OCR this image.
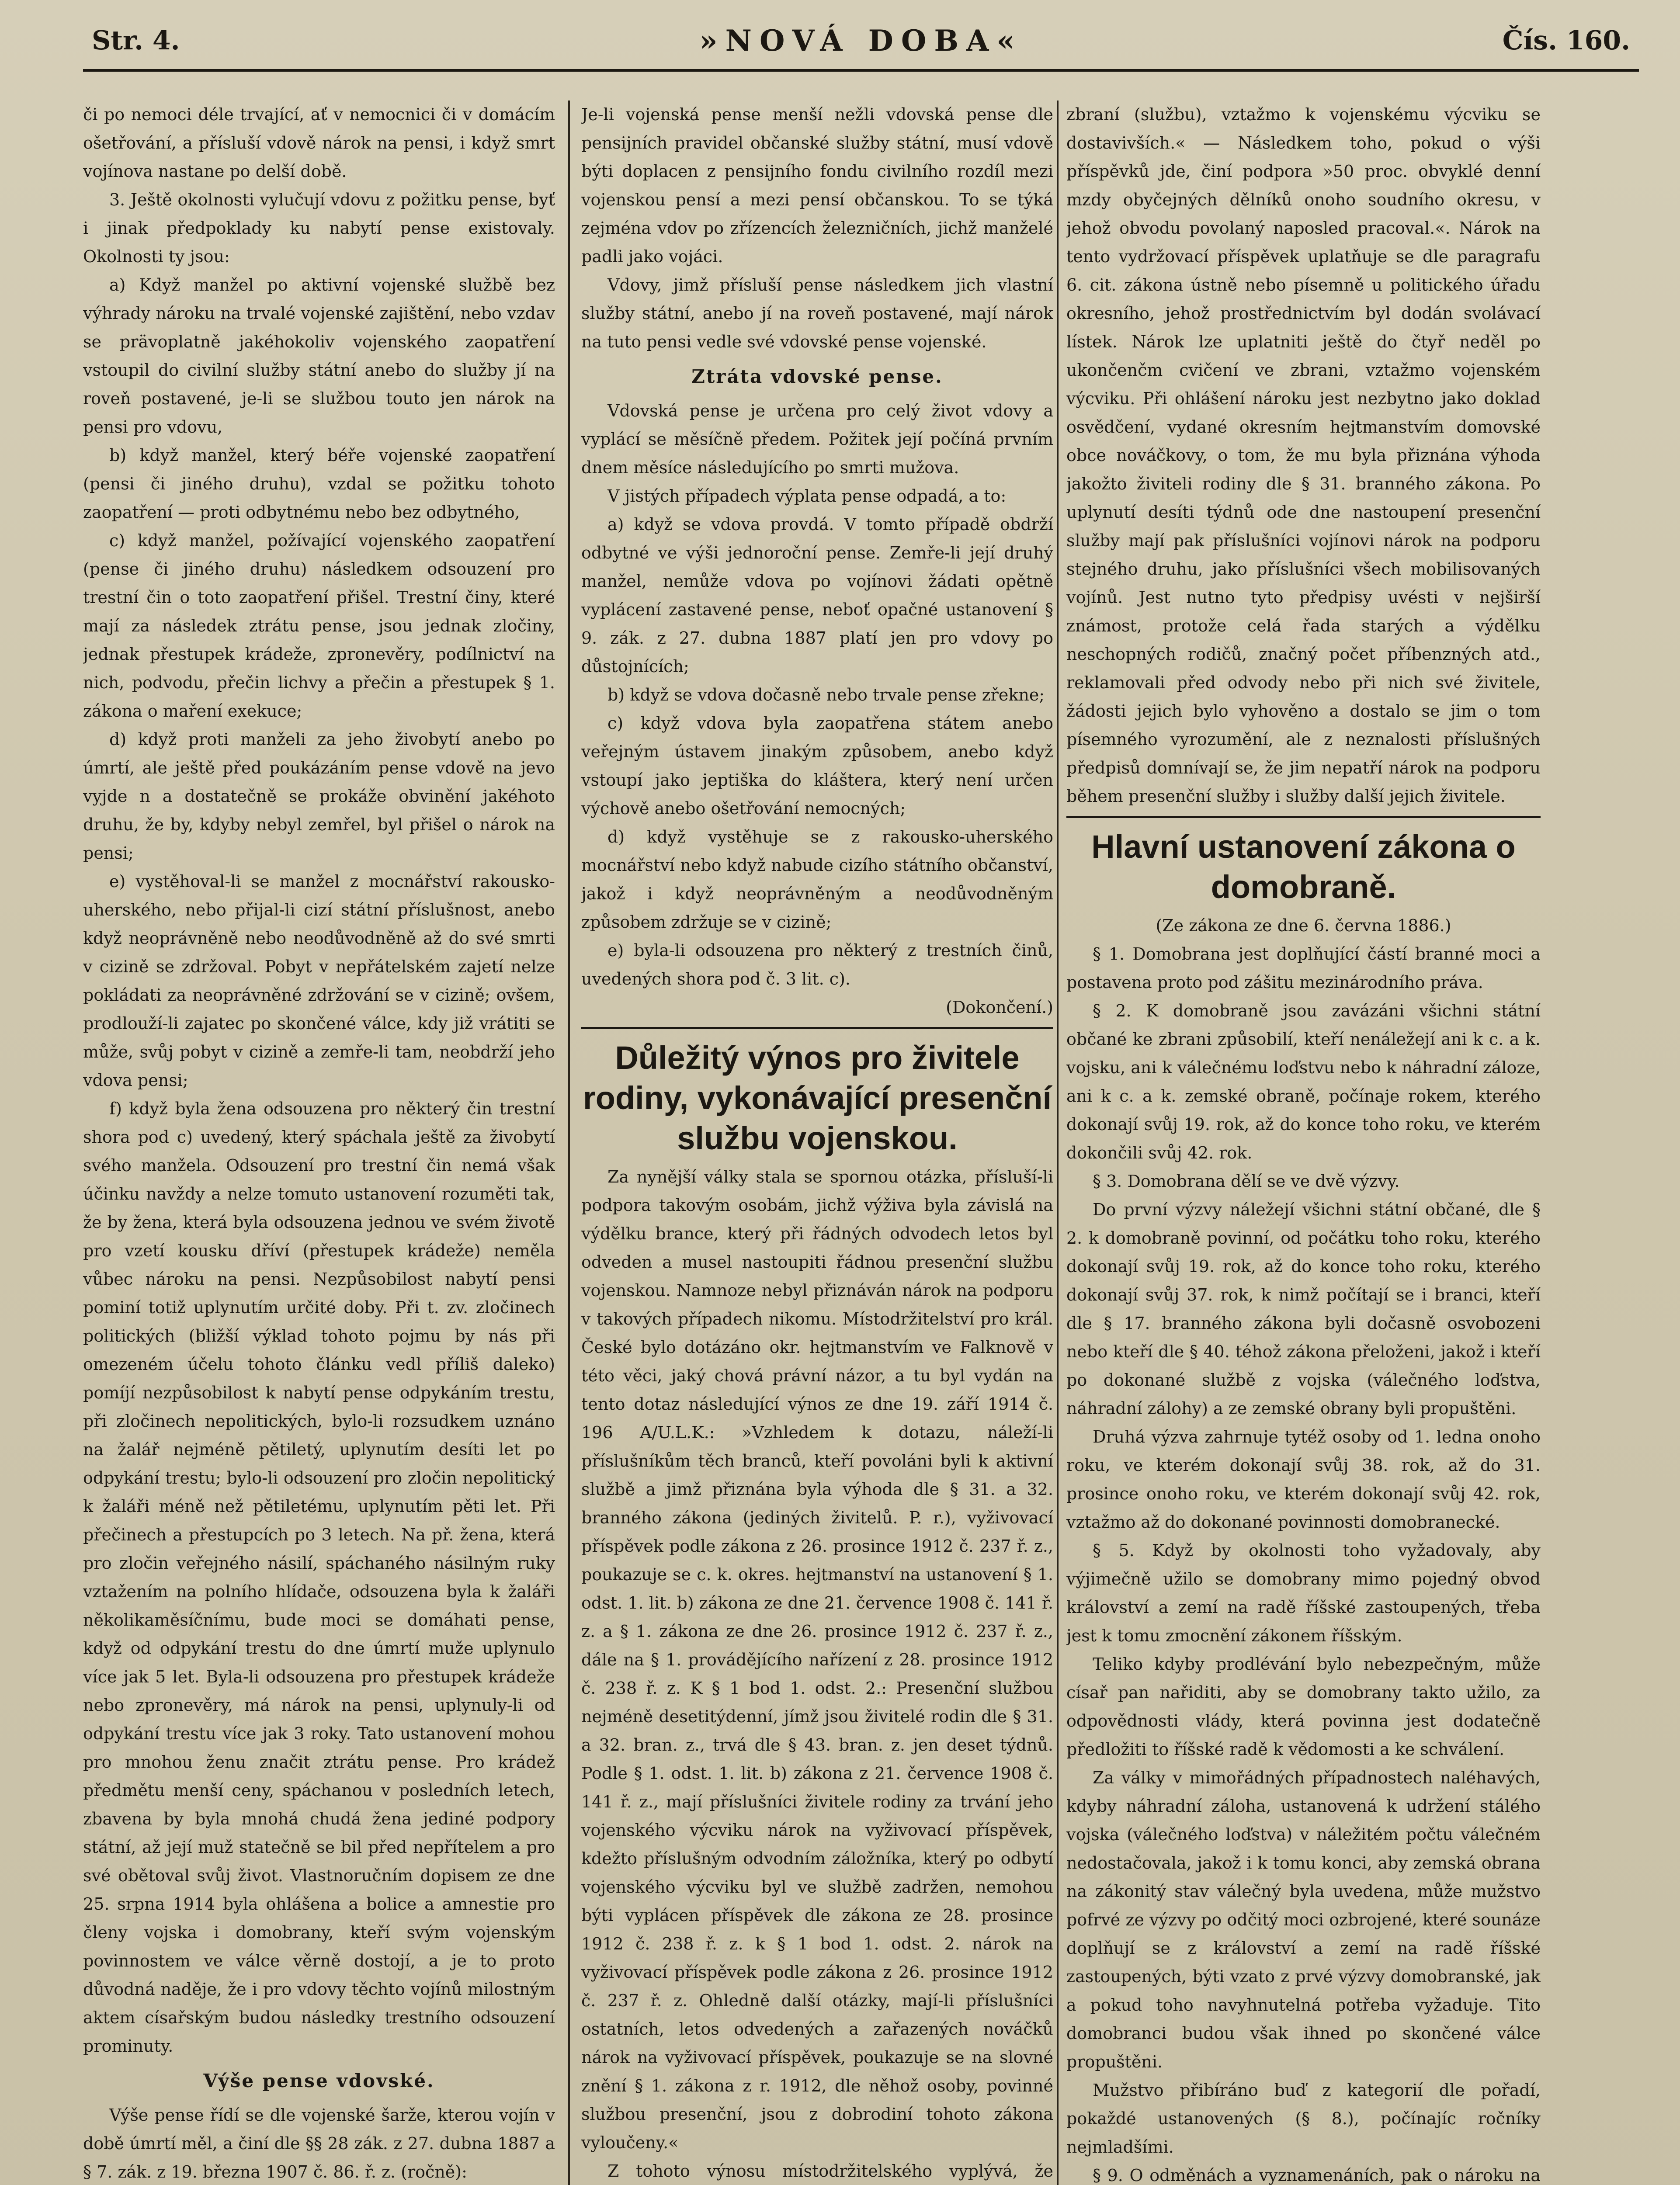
Str. 4.	»NOVÁ DOBA«	Čís. 160.

či po nemoci déle trvající, ať v nemocnici či v domácím ošetřování, a přísluší vdově nárok na pensi, i když smrt vojínova nastane po delší době.

3. Ještě okolnosti vylučují vdovu z požitku pense, byť i jinak předpoklady ku nabytí pense existovaly. Okolnosti ty jsou:

a) Když manžel po aktivní vojenské službě bez výhrady nároku na trvalé vojenské zajištění, nebo vzdav se prävoplatně jakéhokoliv vojenského zaopatření vstoupil do civilní služby státní anebo do služby jí na roveň postavené, je-li se službou touto jen nárok na pensi pro vdovu,

b) když manžel, který béře vojenské zaopatření (pensi či jiného druhu), vzdal se požitku tohoto zaopatření — proti odbytnému nebo bez odbytného,

c) když manžel, požívající vojenského zaopatření (pense či jiného druhu) následkem odsouzení pro trestní čin o toto zaopatření přišel. Trestní činy, které mají za následek ztrátu pense, jsou jednak zločiny, jednak přestupek krádeže, zpronevěry, podílnictví na nich, podvodu, přečin lichvy a přečin a přestupek § 1. zákona o maření exekuce;

d) když proti manželi za jeho živobytí anebo po úmrtí, ale ještě před poukázáním pense vdově na jevo vyjde n a dostatečně se prokáže obvinění jakéhoto druhu, že by, kdyby nebyl zemřel, byl přišel o nárok na pensi;

e) vystěhoval-li se manžel z mocnářství rakousko-uherského, nebo přijal-li cizí státní příslušnost, anebo když neoprávněně nebo neodůvodněně až do své smrti v cizině se zdržoval. Pobyt v nepřátelském zajetí nelze pokládati za neoprávněné zdržování se v cizině; ovšem, prodlouží-li zajatec po skončené válce, kdy již vrátiti se může, svůj pobyt v cizině a zemře-li tam, neobdrží jeho vdova pensi;

f) když byla žena odsouzena pro některý čin trestní shora pod c) uvedený, který spáchala ještě za živobytí svého manžela. Odsouzení pro trestní čin nemá však účinku navždy a nelze tomuto ustanovení rozuměti tak, že by žena, která byla odsouzena jednou ve svém životě pro vzetí kousku dříví (přestupek krádeže) neměla vůbec nároku na pensi. Nezpůsobilost nabytí pensi pominí totiž uplynutím určité doby. Při t. zv. zločinech politických (bližší výklad tohoto pojmu by nás při omezeném účelu tohoto článku vedl příliš daleko) pomíjí nezpůsobilost k nabytí pense odpykáním trestu, při zločinech nepolitických, bylo-li rozsudkem uznáno na žalář nejméně pětiletý, uplynutím desíti let po odpykání trestu; bylo-li odsouzení pro zločin nepolitický k žaláři méně než pětiletému, uplynutím pěti let. Při přečinech a přestupcích po 3 letech. Na př. žena, která pro zločin veřejného násilí, spáchaného násilným ruky vztažením na polního hlídače, odsouzena byla k žaláři několikaměsíčnímu, bude moci se domáhati pense, když od odpykání trestu do dne úmrtí muže uplynulo více jak 5 let. Byla-li odsouzena pro přestupek krádeže nebo zpronevěry, má nárok na pensi, uplynuly-li od odpykání trestu více jak 3 roky. Tato ustanovení mohou pro mnohou ženu značit ztrátu pense. Pro krádež předmětu menší ceny, spáchanou v posledních letech, zbavena by byla mnohá chudá žena jediné podpory státní, až její muž statečně se bil před nepřítelem a pro své obětoval svůj život. Vlastnoručním dopisem ze dne 25. srpna 1914 byla ohlášena a bolice a amnestie pro členy vojska i domobrany, kteří svým vojenským povinnostem ve válce věrně dostojí, a je to proto důvodná naděje, že i pro vdovy těchto vojínů milostným aktem císařským budou následky trestního odsouzení prominuty.

Výše pense vdovské.

Výše pense řídí se dle vojenské šarže, kterou vojín v době úmrtí měl, a činí dle §§ 28 zák. z 27. dubna 1887 a § 7. zák. z 19. března 1907 č. 86. ř. z. (ročně):

Je-li vojenská pense menší nežli vdovská pense dle pensijních pravidel občanské služby státní, musí vdově býti doplacen z pensijního fondu civilního rozdíl mezi vojenskou pensí a mezi pensí občanskou. To se týká zejména vdov po zřízencích železničních, jichž manželé padli jako vojáci.

Vdovy, jimž přísluší pense následkem jich vlastní služby státní, anebo jí na roveň postavené, mají nárok na tuto pensi vedle své vdovské pense vojenské.

Ztráta vdovské pense.

Vdovská pense je určena pro celý život vdovy a vyplácí se měsíčně předem. Požitek její počíná prvním dnem měsíce následujícího po smrti mužova.

V jistých případech výplata pense odpadá, a to:

a) když se vdova provdá. V tomto případě obdrží odbytné ve výši jednoroční pense. Zemře-li její druhý manžel, nemůže vdova po vojínovi žádati opětně vyplácení zastavené pense, neboť opačné ustanovení § 9. zák. z 27. dubna 1887 platí jen pro vdovy po důstojnících;

b) když se vdova dočasně nebo trvale pense zřekne;

c) když vdova byla zaopatřena státem anebo veřejným ústavem jinakým způsobem, anebo když vstoupí jako jeptiška do kláštera, který není určen výchově anebo ošetřování nemocných;

d) když vystěhuje se z rakousko-uherského mocnářství nebo když nabude cizího státního občanství, jakož i když neoprávněným a neodůvodněným způsobem zdržuje se v cizině;

e) byla-li odsouzena pro některý z trestních činů, uvedených shora pod č. 3 lit. c).

(Dokončení.)
Důležitý výnos pro živitele rodiny, vykonávající presenční službu vojenskou.

Za nynější války stala se spornou otázka, přísluší-li podpora takovým osobám, jichž výživa byla závislá na výdělku brance, který při řádných odvodech letos byl odveden a musel nastoupiti řádnou presenční službu vojenskou. Namnoze nebyl přiznáván nárok na podporu v takových případech nikomu. Místodržitelství pro král. České bylo dotázáno okr. hejtmanstvím ve Falknově v této věci, jaký chová právní názor, a tu byl vydán na tento dotaz následující výnos ze dne 19. září 1914 č. 196 A/U.L.K.: »Vzhledem k dotazu, náleží-li příslušníkům těch branců, kteří povoláni byli k aktivní službě a jimž přiznána byla výhoda dle § 31. a 32. branného zákona (jediných živitelů. P. r.), vyživovací příspěvek podle zákona z 26. prosince 1912 č. 237 ř. z., poukazuje se c. k. okres. hejtmanství na ustanovení § 1. odst. 1. lit. b) zákona ze dne 21. července 1908 č. 141 ř. z. a § 1. zákona ze dne 26. prosince 1912 č. 237 ř. z., dále na § 1. provádějícího nařízení z 28. prosince 1912 č. 238 ř. z. K § 1 bod 1. odst. 2.: Presenční službou nejméně desetitýdenní, jímž jsou živitelé rodin dle § 31. a 32. bran. z., trvá dle § 43. bran. z. jen deset týdnů. Podle § 1. odst. 1. lit. b) zákona z 21. července 1908 č. 141 ř. z., mají příslušníci živitele rodiny za trvání jeho vojenského výcviku nárok na vyživovací příspěvek, kdežto příslušným odvodním záložníka, který po odbytí vojenského výcviku byl ve službě zadržen, nemohou býti vyplácen příspěvek dle zákona ze 28. prosince 1912 č. 238 ř. z. k § 1 bod 1. odst. 2. nárok na vyživovací příspěvek podle zákona z 26. prosince 1912 č. 237 ř. z. Ohledně další otázky, mají-li příslušníci ostatních, letos odvedených a zařazených nováčků nárok na vyživovací příspěvek, poukazuje se na slovné znění § 1. zákona z r. 1912, dle něhož osoby, povinné službou presenční, jsou z dobrodiní tohoto zákona vyloučeny.«

Z tohoto výnosu místodržitelského vyplývá, že

zbraní (službu), vztažmo k vojenskému výcviku se dostavivších.« — Následkem toho, pokud o výši příspěvků jde, činí podpora »50 proc. obvyklé denní mzdy obyčejných dělníků onoho soudního okresu, v jehož obvodu povolaný naposled pracoval.«. Nárok na tento vydržovací příspěvek uplatňuje se dle paragrafu 6. cit. zákona ústně nebo písemně u politického úřadu okresního, jehož prostřednictvím byl dodán svolávací lístek. Nárok lze uplatniti ještě do čtyř neděl po ukončenčm cvičení ve zbrani, vztažmo vojenském výcviku. Při ohlášení nároku jest nezbytno jako doklad osvědčení, vydané okresním hejtmanstvím domovské obce nováčkovy, o tom, že mu byla přiznána výhoda jakožto živiteli rodiny dle § 31. branného zákona. Po uplynutí desíti týdnů ode dne nastoupení presenční služby mají pak příslušníci vojínovi nárok na podporu stejného druhu, jako příslušníci všech mobilisovaných vojínů. Jest nutno tyto předpisy uvésti v nejširší známost, protože celá řada starých a výdělku neschopných rodičů, značný počet příbenzných atd., reklamovali před odvody nebo při nich své živitele, žádosti jejich bylo vyhověno a dostalo se jim o tom písemného vyrozumění, ale z neznalosti příslušných předpisů domnívají se, že jim nepatří nárok na podporu během presenční služby i služby další jejich živitele.

Hlavní ustanovení zákona o domobraně.
(Ze zákona ze dne 6. června 1886.)

§ 1. Domobrana jest doplňující částí branné moci a postavena proto pod zášitu mezinárodního práva.

§ 2. K domobraně jsou zavázáni všichni státní občané ke zbrani způsobilí, kteří nenáležejí ani k c. a k. vojsku, ani k válečnému loďstvu nebo k náhradní záloze, ani k c. a k. zemské obraně, počínaje rokem, kterého dokonají svůj 19. rok, až do konce toho roku, ve kterém dokončili svůj 42. rok.

§ 3. Domobrana dělí se ve dvě výzvy.

Do první výzvy náležejí všichni státní občané, dle § 2. k domobraně povinní, od počátku toho roku, kterého dokonají svůj 19. rok, až do konce toho roku, kterého dokonají svůj 37. rok, k nimž počítají se i branci, kteří dle § 17. branného zákona byli dočasně osvobozeni nebo kteří dle § 40. téhož zákona přeloženi, jakož i kteří po dokonané službě z vojska (válečného loďstva, náhradní zálohy) a ze zemské obrany byli propuštěni.

Druhá výzva zahrnuje tytéž osoby od 1. ledna onoho roku, ve kterém dokonají svůj 38. rok, až do 31. prosince onoho roku, ve kterém dokonají svůj 42. rok, vztažmo až do dokonané povinnosti domobranecké.

§ 5. Když by okolnosti toho vyžadovaly, aby výjimečně užilo se domobrany mimo pojedný obvod království a zemí na radě říšské zastoupených, třeba jest k tomu zmocnění zákonem říšským.

Teliko kdyby prodlévání bylo nebezpečným, může císař pan nařiditi, aby se domobrany takto užilo, za odpovědnosti vlády, která povinna jest dodatečně předložiti to říšské radě k vědomosti a ke schválení.

Za války v mimořádných případnostech naléhavých, kdyby náhradní záloha, ustanovená k udržení stálého vojska (válečného loďstva) v náležitém počtu válečném nedostačovala, jakož i k tomu konci, aby zemská obrana na zákonitý stav válečný byla uvedena, může mužstvo pofrvé ze výzvy po odčitý moci ozbrojené, které sounáze doplňují se z království a zemí na radě říšské zastoupených, býti vzato z prvé výzvy domobranské, jak a pokud toho navyhnutelná potřeba vyžaduje. Tito domobranci budou však ihned po skončené válce propuštěni.

Mužstvo přibíráno buď z kategorií dle pořadí, pokaždé ustanovených (§ 8.), počínajíc ročníky nejmladšími.

§ 9. O odměnách a vyznamenáních, pak o nároku na
